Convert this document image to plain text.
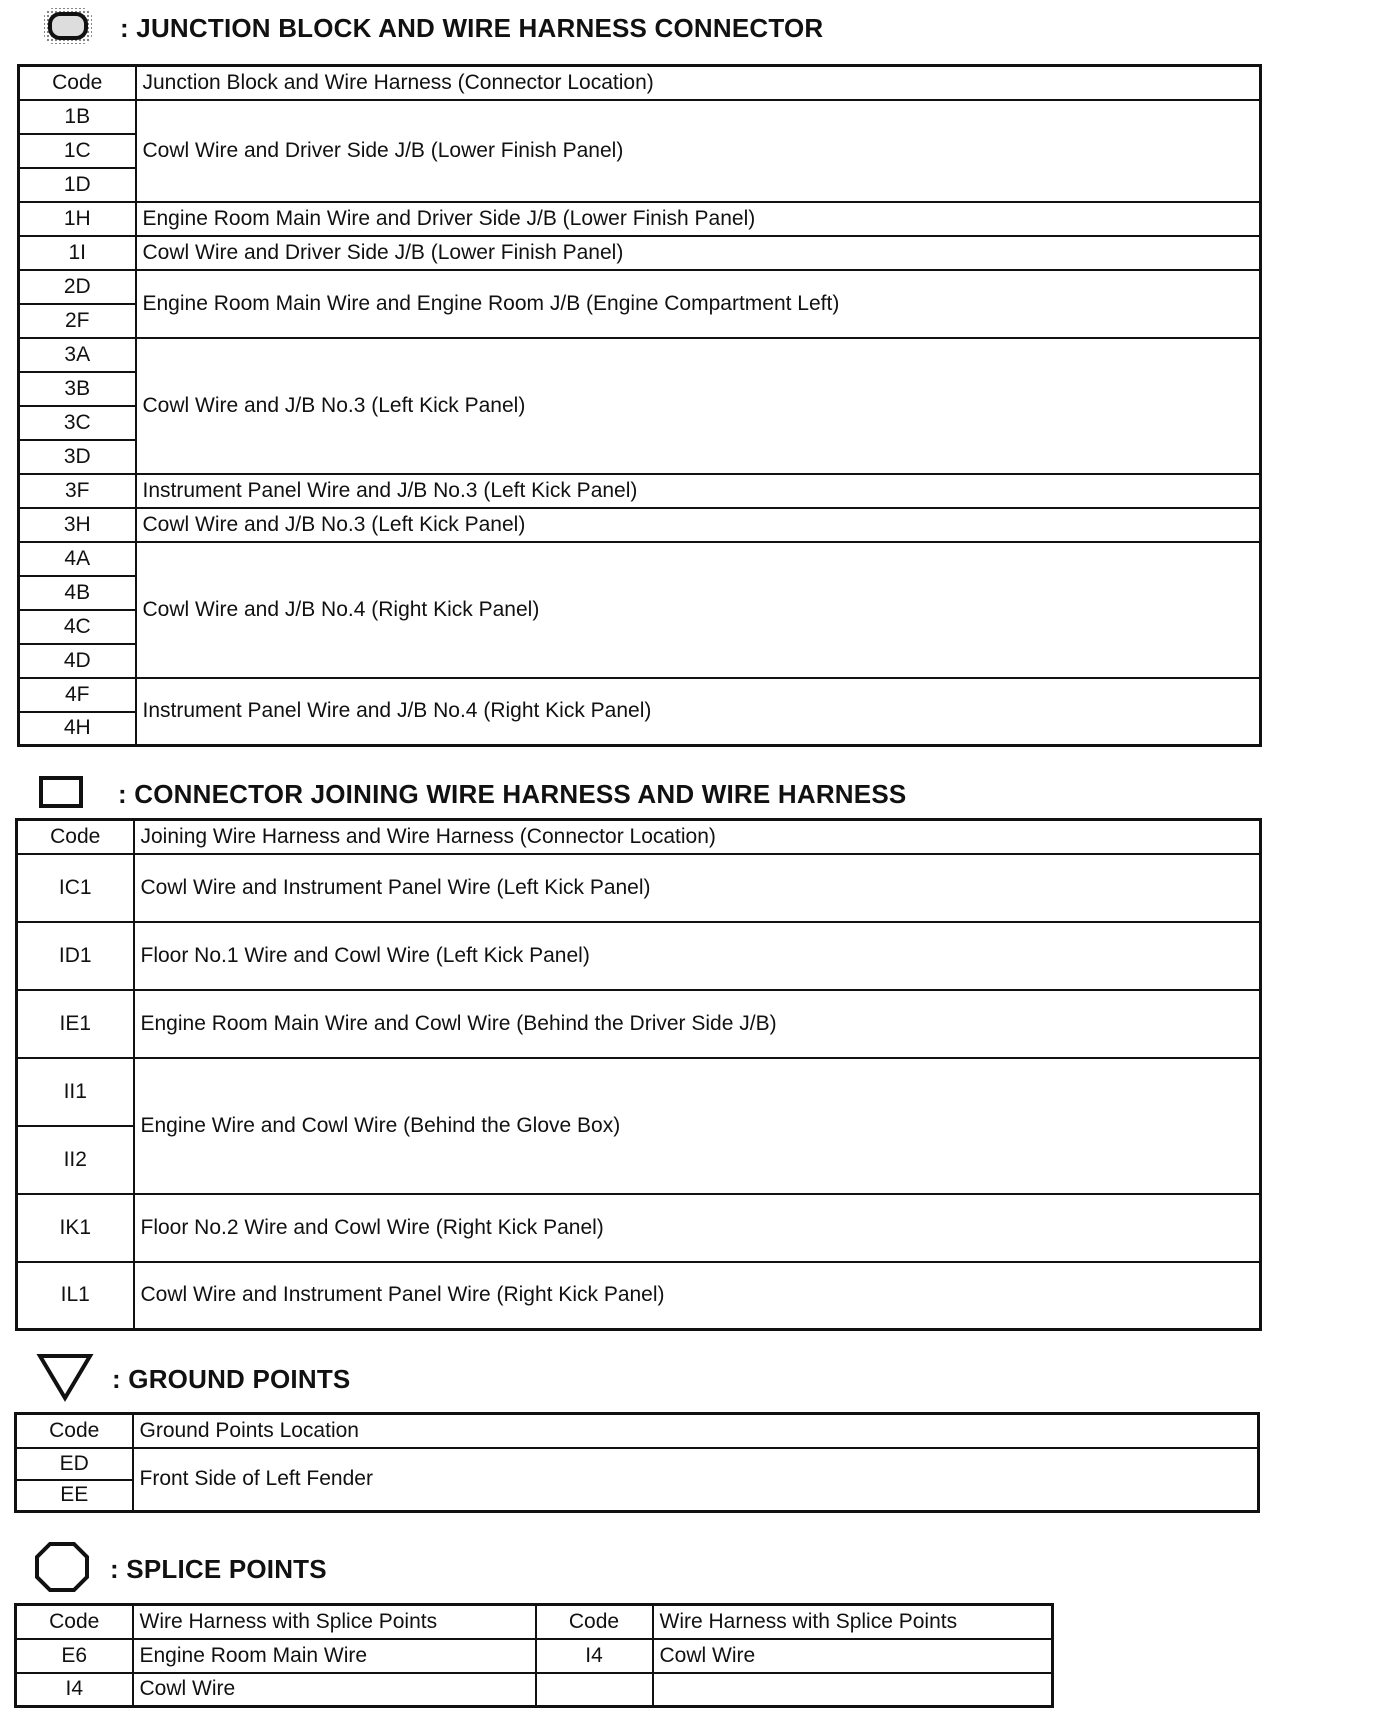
: JUNCTION BLOCK AND WIRE HARNESS CONNECTOR
Code	Junction Block and Wire Harness (Connector Location)
1B	Cowl Wire and Driver Side J/B (Lower Finish Panel)
1C	
1D	
1H	Engine Room Main Wire and Driver Side J/B (Lower Finish Panel)
1I	Cowl Wire and Driver Side J/B (Lower Finish Panel)
2D	Engine Room Main Wire and Engine Room J/B (Engine Compartment Left)
2F	
3A	Cowl Wire and J/B No.3 (Left Kick Panel)
3B	
3C	
3D	
3F	Instrument Panel Wire and J/B No.3 (Left Kick Panel)
3H	Cowl Wire and J/B No.3 (Left Kick Panel)
4A	Cowl Wire and J/B No.4 (Right Kick Panel)
4B	
4C	
4D	
4F	Instrument Panel Wire and J/B No.4 (Right Kick Panel)
4H	
: CONNECTOR JOINING WIRE HARNESS AND WIRE HARNESS
Code	Joining Wire Harness and Wire Harness (Connector Location)
IC1	Cowl Wire and Instrument Panel Wire (Left Kick Panel)
ID1	Floor No.1 Wire and Cowl Wire (Left Kick Panel)
IE1	Engine Room Main Wire and Cowl Wire (Behind the Driver Side J/B)
II1	Engine Wire and Cowl Wire (Behind the Glove Box)
II2	
IK1	Floor No.2 Wire and Cowl Wire (Right Kick Panel)
IL1	Cowl Wire and Instrument Panel Wire (Right Kick Panel)
: GROUND POINTS
Code	Ground Points Location
ED	Front Side of Left Fender
EE	
: SPLICE POINTS
Code	Wire Harness with Splice Points	Code	Wire Harness with Splice Points
E6	Engine Room Main Wire	I4	Cowl Wire
I4	Cowl Wire		
